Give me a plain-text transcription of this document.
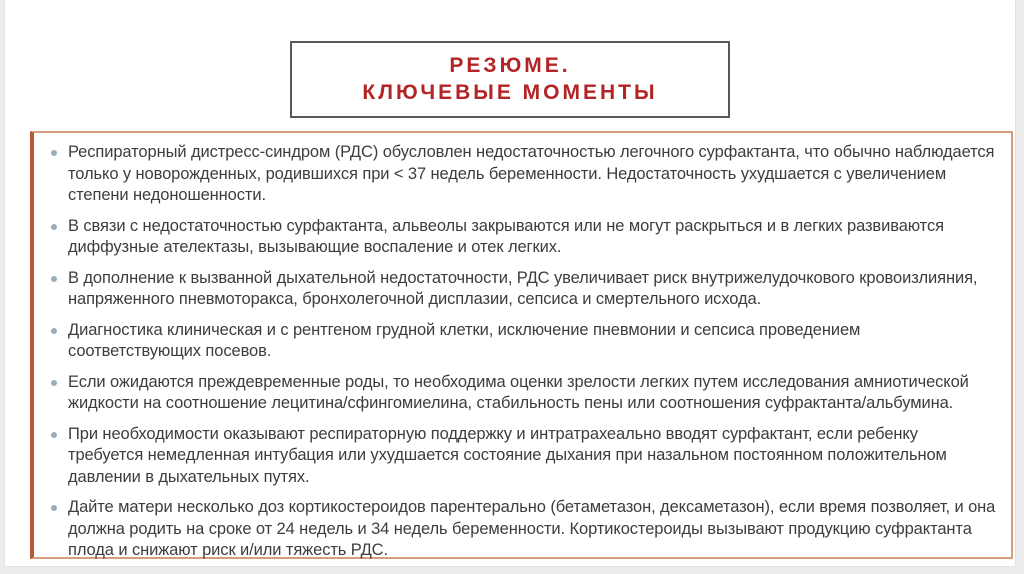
РЕЗЮМЕ.
КЛЮЧЕВЫЕ МОМЕНТЫ
Респираторный дистресс-синдром (РДС) обусловлен недостаточностью легочного сурфактанта, что обычно наблюдается только у новорожденных, родившихся при < 37 недель беременности. Недостаточность ухудшается с увеличением степени недоношенности.
В связи с недостаточностью сурфактанта, альвеолы закрываются или не могут раскрыться и в легких развиваются диффузные ателектазы, вызывающие воспаление и отек легких.
В дополнение к вызванной дыхательной недостаточности, РДС увеличивает риск внутрижелудочкового кровоизлияния, напряженного пневмоторакса, бронхолегочной дисплазии, сепсиса и смертельного исхода.
Диагностика клиническая и с рентгеном грудной клетки, исключение пневмонии и сепсиса проведением соответствующих посевов.
Если ожидаются преждевременные роды, то необходима оценки зрелости легких путем исследования амниотической жидкости на соотношение лецитина/сфингомиелина, стабильность пены или соотношения суфрактанта/альбумина.
При необходимости оказывают респираторную поддержку и интратрахеально вводят сурфактант, если ребенку требуется немедленная интубация или ухудшается состояние дыхания при назальном постоянном положительном давлении в дыхательных путях.
Дайте матери несколько доз кортикостероидов парентерально (бетаметазон, дексаметазон), если время позволяет, и она должна родить на сроке от 24 недель и 34 недель беременности. Кортикостероиды вызывают продукцию суфрактанта плода и снижают риск и/или тяжесть РДС.
